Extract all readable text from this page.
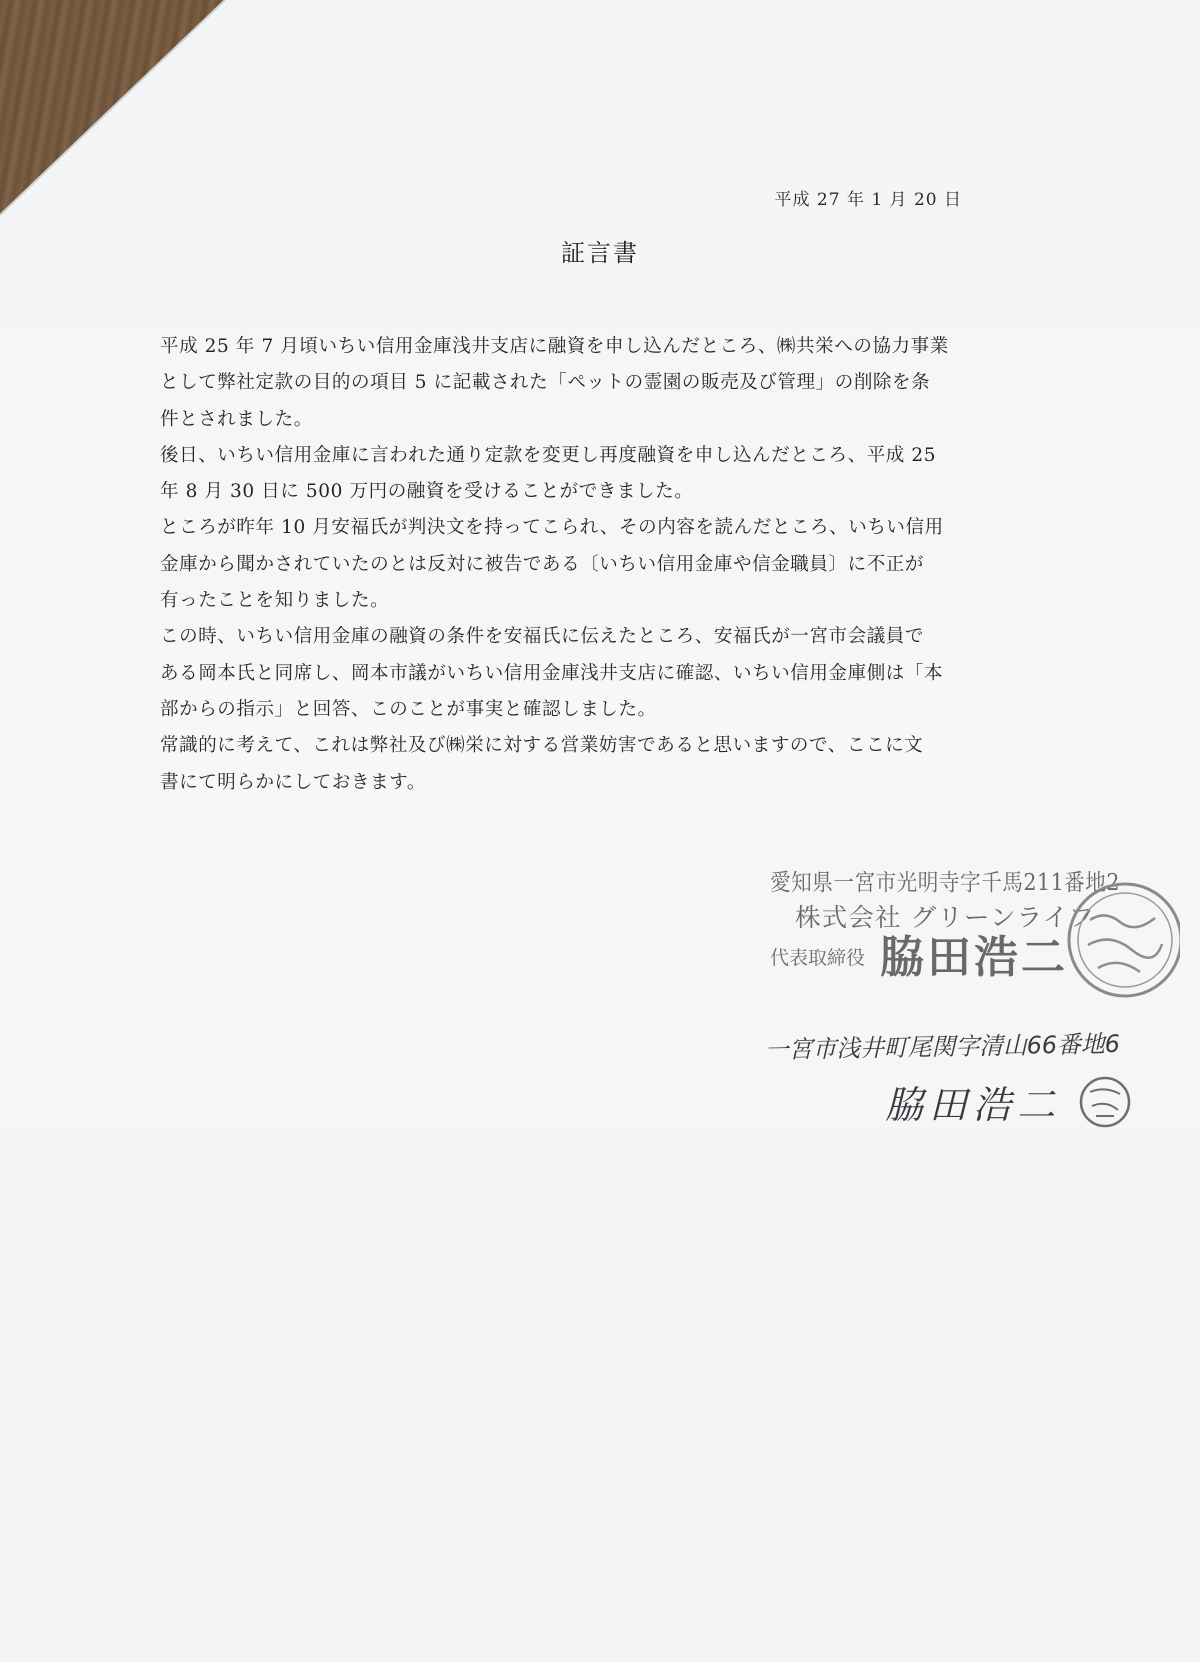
平成 27 年 1 月 20 日
証言書
平成 25 年 7 月頃いちい信用金庫浅井支店に融資を申し込んだところ、㈱共栄への協力事業
として弊社定款の目的の項目 5 に記載された「ペットの霊園の販売及び管理」の削除を条
件とされました。
後日、いちい信用金庫に言われた通り定款を変更し再度融資を申し込んだところ、平成 25
年 8 月 30 日に 500 万円の融資を受けることができました。
ところが昨年 10 月安福氏が判決文を持ってこられ、その内容を読んだところ、いちい信用
金庫から聞かされていたのとは反対に被告である〔いちい信用金庫や信金職員〕に不正が
有ったことを知りました。
この時、いちい信用金庫の融資の条件を安福氏に伝えたところ、安福氏が一宮市会議員で
ある岡本氏と同席し、岡本市議がいちい信用金庫浅井支店に確認、いちい信用金庫側は「本
部からの指示」と回答、このことが事実と確認しました。
常識的に考えて、これは弊社及び㈱栄に対する営業妨害であると思いますので、ここに文
書にて明らかにしておきます。
愛知県一宮市光明寺字千馬211番地2
株式会社 グリーンライフ
代表取締役 脇田浩二
一宮市浅井町尾関字清山66番地6
脇田浩二
